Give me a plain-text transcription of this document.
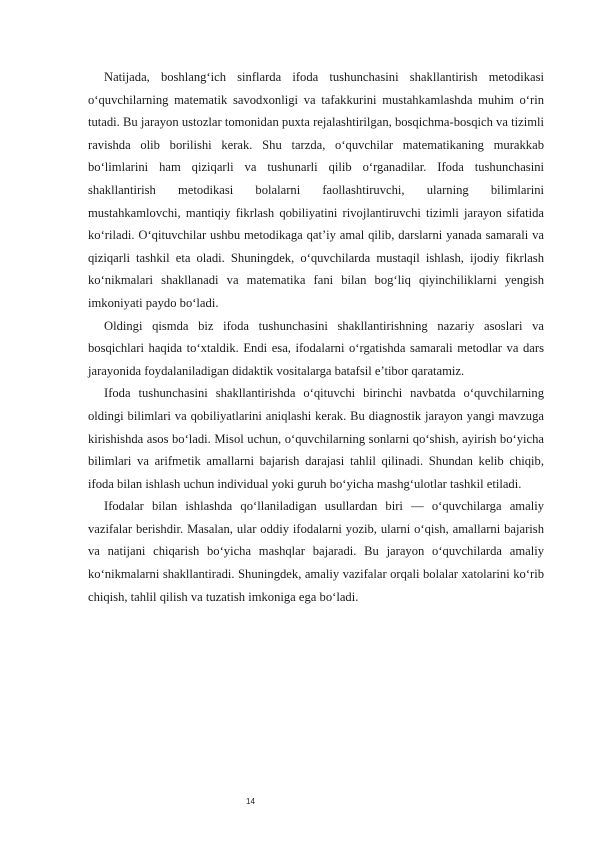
Natijada, boshlang‘ich sinflarda ifoda tushunchasini shakllantirish metodikasi o‘quvchilarning matematik savodxonligi va tafakkurini mustahkamlashda muhim o‘rin tutadi. Bu jarayon ustozlar tomonidan puxta rejalashtirilgan, bosqichma-bosqich va tizimli ravishda olib borilishi kerak. Shu tarzda, o‘quvchilar matematikaning murakkab bo‘limlarini ham qiziqarli va tushunarli qilib o‘rganadilar. Ifoda tushunchasini shakllantirish metodikasi bolalarni faollashtiruvchi, ularning bilimlarini mustahkamlovchi, mantiqiy fikrlash qobiliyatini rivojlantiruvchi tizimli jarayon sifatida ko‘riladi. O‘qituvchilar ushbu metodikaga qat’iy amal qilib, darslarni yanada samarali va qiziqarli tashkil eta oladi. Shuningdek, o‘quvchilarda mustaqil ishlash, ijodiy fikrlash ko‘nikmalari shakllanadi va matematika fani bilan bog‘liq qiyinchiliklarni yengish imkoniyati paydo bo‘ladi.

Oldingi qismda biz ifoda tushunchasini shakllantirishning nazariy asoslari va bosqichlari haqida to‘xtaldik. Endi esa, ifodalarni o‘rgatishda samarali metodlar va dars jarayonida foydalaniladigan didaktik vositalarga batafsil e’tibor qaratamiz.

Ifoda tushunchasini shakllantirishda o‘qituvchi birinchi navbatda o‘quvchilarning oldingi bilimlari va qobiliyatlarini aniqlashi kerak. Bu diagnostik jarayon yangi mavzuga kirishishda asos bo‘ladi. Misol uchun, o‘quvchilarning sonlarni qo‘shish, ayirish bo‘yicha bilimlari va arifmetik amallarni bajarish darajasi tahlil qilinadi. Shundan kelib chiqib, ifoda bilan ishlash uchun individual yoki guruh bo‘yicha mashg‘ulotlar tashkil etiladi.

Ifodalar bilan ishlashda qo‘llaniladigan usullardan biri — o‘quvchilarga amaliy vazifalar berishdir. Masalan, ular oddiy ifodalarni yozib, ularni o‘qish, amallarni bajarish va natijani chiqarish bo‘yicha mashqlar bajaradi. Bu jarayon o‘quvchilarda amaliy ko‘nikmalarni shakllantiradi. Shuningdek, amaliy vazifalar orqali bolalar xatolarini ko‘rib chiqish, tahlil qilish va tuzatish imkoniga ega bo‘ladi.

14
